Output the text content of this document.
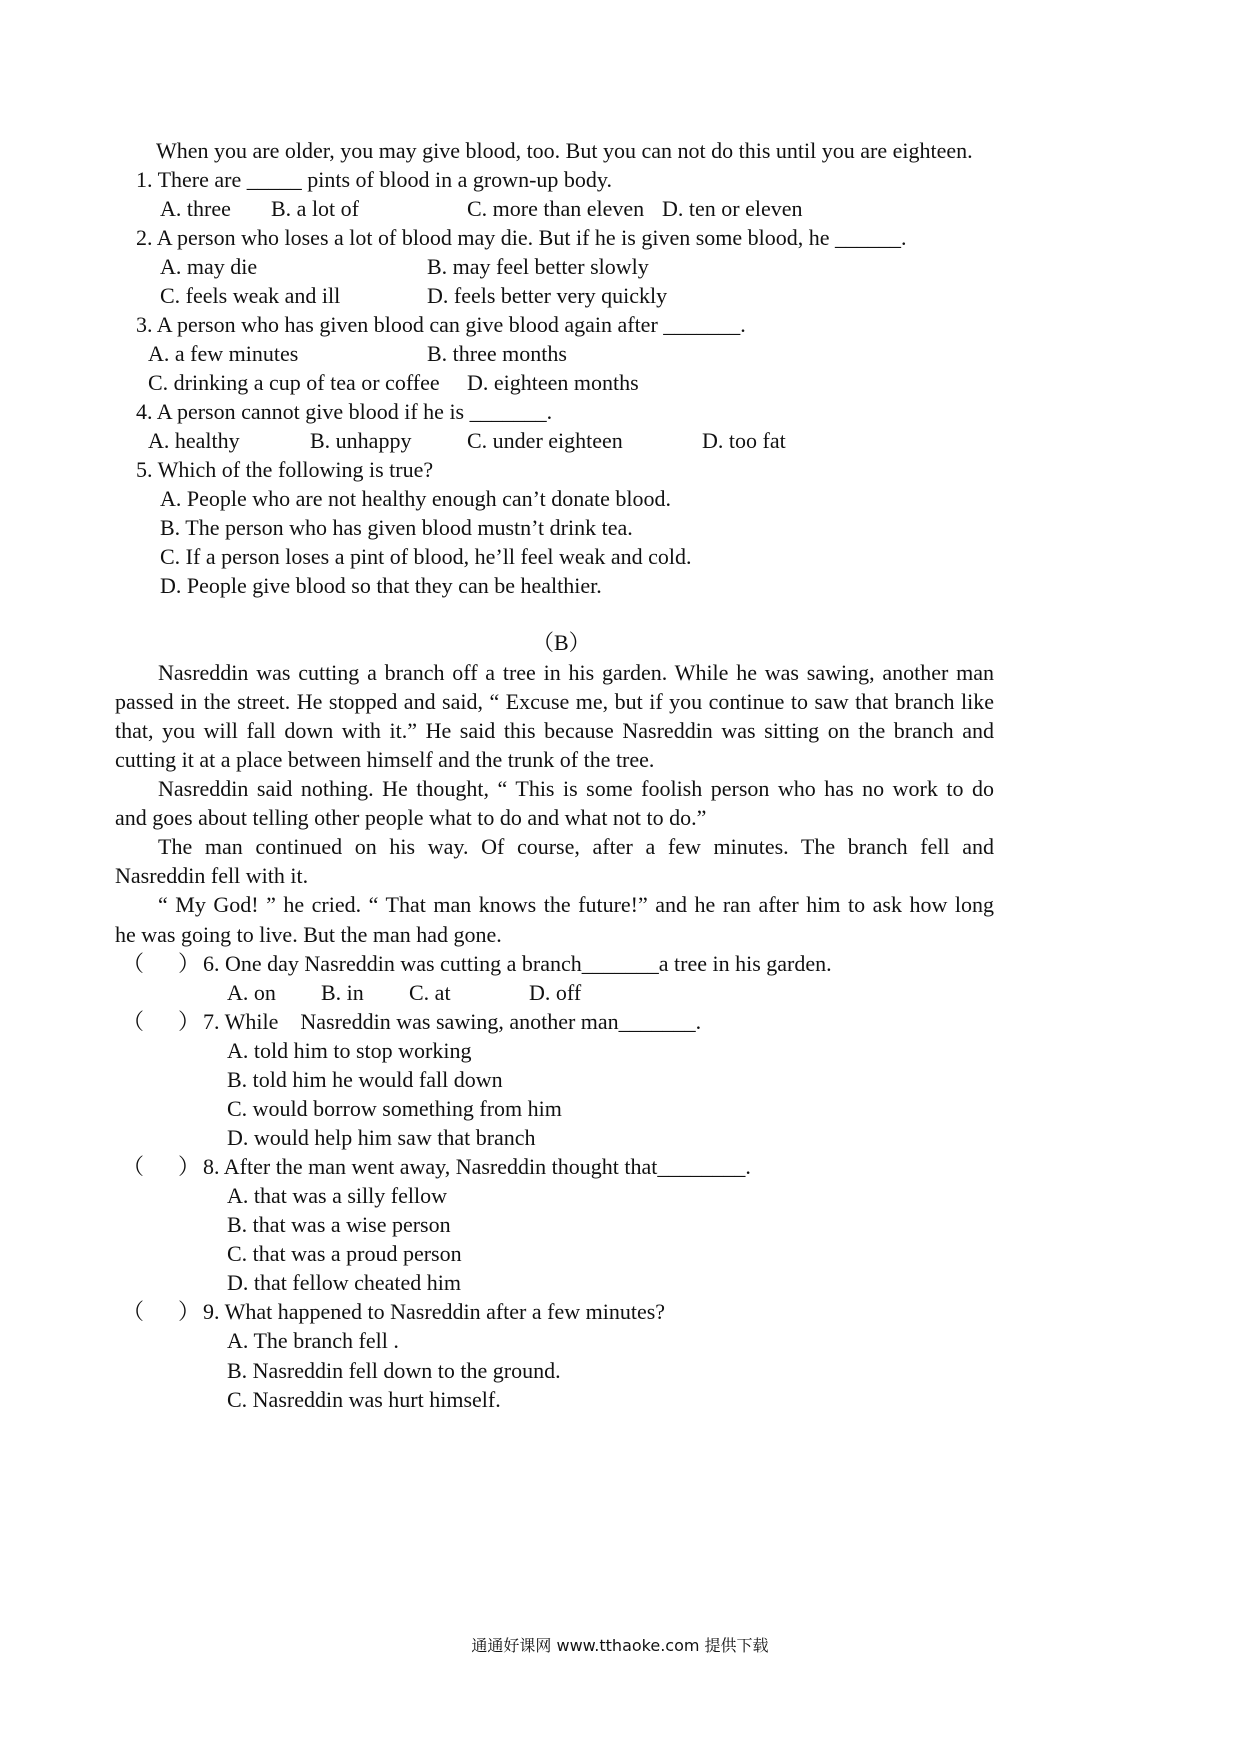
When you are older, you may give blood, too. But you can not do this until you are eighteen.
1. There are _____ pints of blood in a grown-up body.
A. three B. a lot of	C. more than eleven D. ten or eleven
2. A person who loses a lot of blood may die. But if he is given some blood, he ______.
A. may die	B. may feel better slowly
C. feels weak and ill	D. feels better very quickly
3. A person who has given blood can give blood again after _______.
A. a few minutes	B. three months
C. drinking a cup of tea or coffee D. eighteen months
4. A person cannot give blood if he is _______.
A. healthy	B. unhappy	C. under eighteen	D. too fat
5. Which of the following is true?
A. People who are not healthy enough can’t donate blood.
B. The person who has given blood mustn’t drink tea.
C. If a person loses a pint of blood, he’ll feel weak and cold.
D. People give blood so that they can be healthier.
（B）
Nasreddin was cutting a branch off a tree in his garden. While he was sawing, another man
passed in the street. He stopped and said, “ Excuse me, but if you continue to saw that branch like
that, you will fall down with it.” He said this because Nasreddin was sitting on the branch and
cutting it at a place between himself and the trunk of the tree.
Nasreddin said nothing. He thought, “ This is some foolish person who has no work to do
and goes about telling other people what to do and what not to do.”
The man continued on his way. Of course, after a few minutes. The branch fell and
Nasreddin fell with it.
“ My God! ” he cried. “ That man knows the future!” and he ran after him to ask how long
he was going to live. But the man had gone.
（ ） 6. One day Nasreddin was cutting a branch_______a tree in his garden.
A. on B. in C. at	D. off
（ ） 7. While    Nasreddin was sawing, another man_______.
A. told him to stop working
B. told him he would fall down
C. would borrow something from him
D. would help him saw that branch
（ ） 8. After the man went away, Nasreddin thought that________.
A. that was a silly fellow
B. that was a wise person
C. that was a proud person
D. that fellow cheated him
（ ） 9. What happened to Nasreddin after a few minutes?
A. The branch fell .
B. Nasreddin fell down to the ground.
C. Nasreddin was hurt himself.
通通好课网 www.tthaoke.com 提供下载
